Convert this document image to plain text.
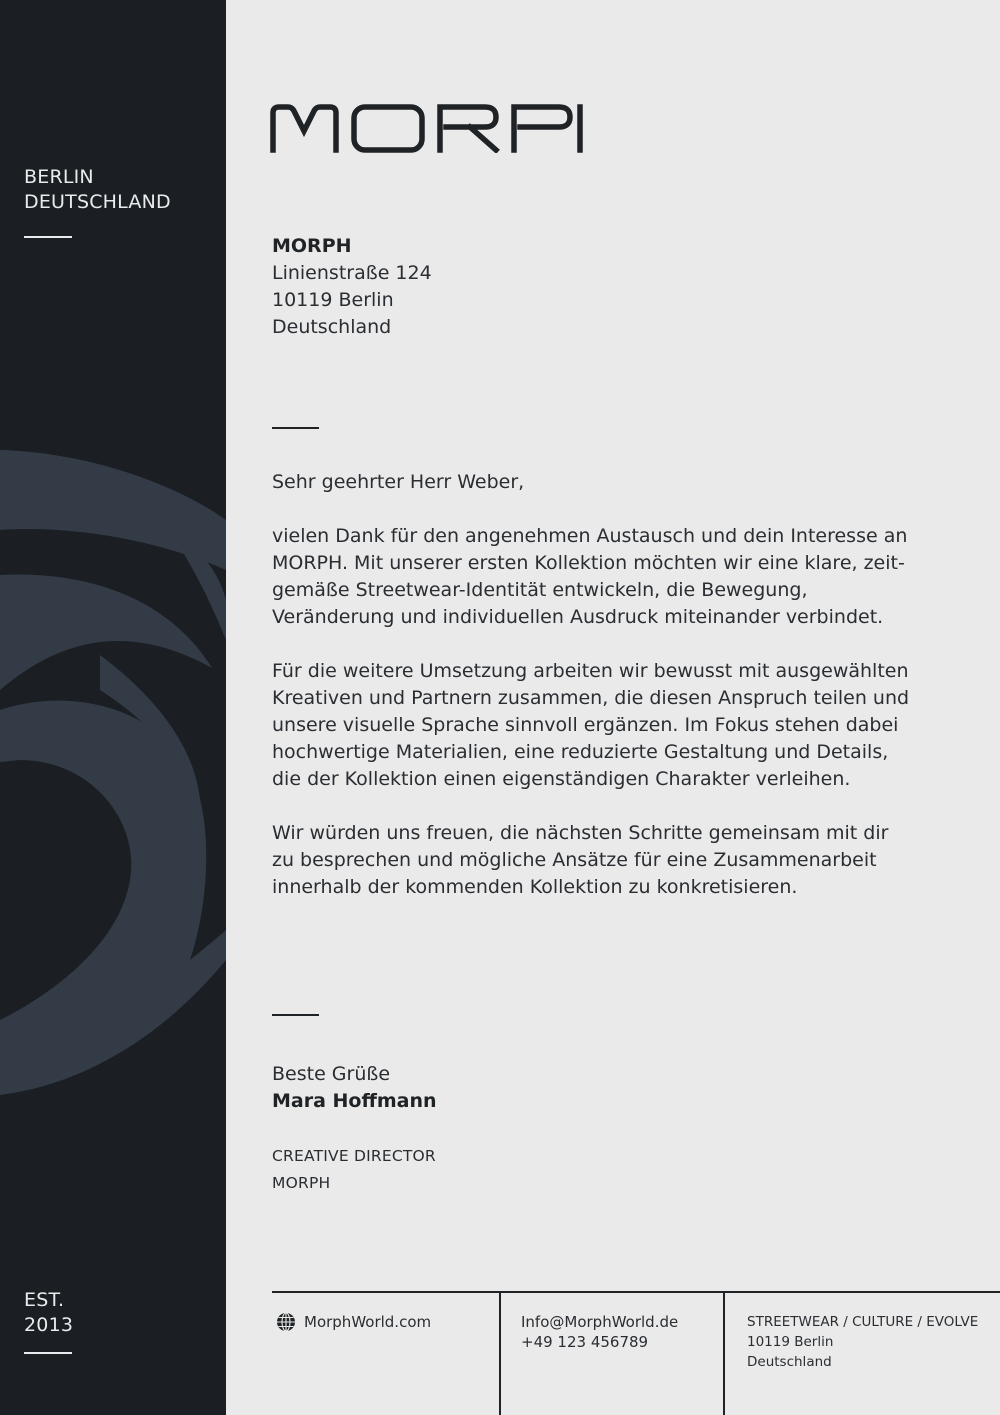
BERLIN
DEUTSCHLAND
EST.
2013
MORPH
Linienstraße 124
10119 Berlin
Deutschland

Sehr geehrter Herr Weber,

vielen Dank für den angenehmen Austausch und dein Interesse an MORPH. Mit unserer ersten Kollektion möchten wir eine klare, zeit-gemäße Streetwear-Identität entwickeln, die Bewegung, Veränderung und individuellen Ausdruck miteinander verbindet.

Für die weitere Umsetzung arbeiten wir bewusst mit ausgewählten Kreativen und Partnern zusammen, die diesen Anspruch teilen und unsere visuelle Sprache sinnvoll ergänzen. Im Fokus stehen dabei hochwertige Materialien, eine reduzierte Gestaltung und Details, die der Kollektion einen eigenständigen Charakter verleihen.

Wir würden uns freuen, die nächsten Schritte gemeinsam mit dir zu besprechen und mögliche Ansätze für eine Zusammenarbeit innerhalb der kommenden Kollektion zu konkretisieren.

Beste Grüße
Mara Hoffmann
CREATIVE DIRECTOR
MORPH
MorphWorld.com	Info@MorphWorld.de
+49 123 456789
STREETWEAR / CULTURE / EVOLVE
10119 Berlin
Deutschland
